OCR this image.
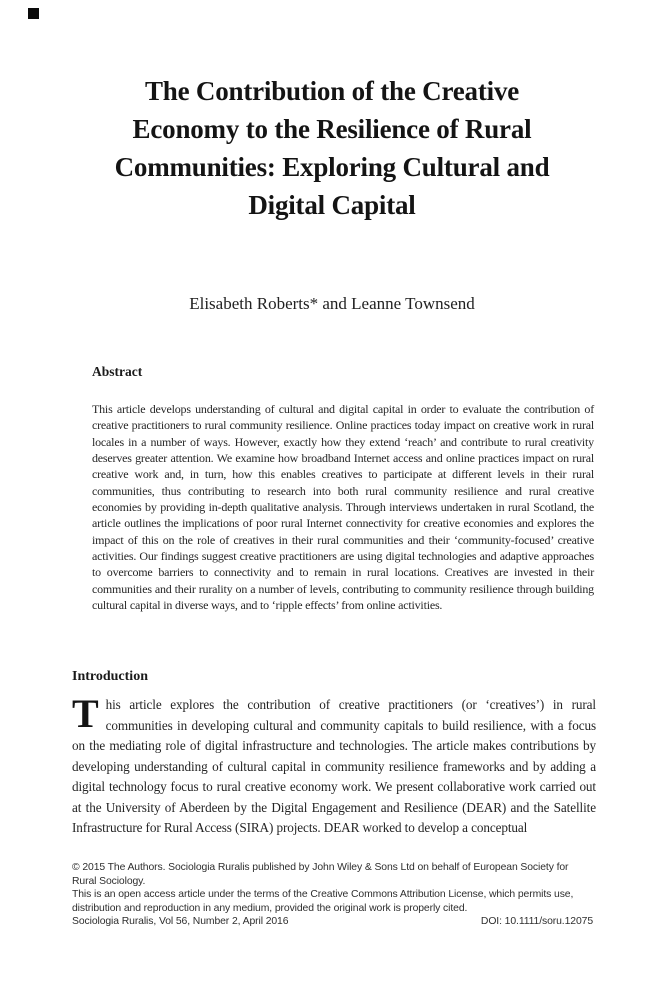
The Contribution of the Creative
Economy to the Resilience of Rural
Communities: Exploring Cultural and
Digital Capital
Elisabeth Roberts* and Leanne Townsend
Abstract
This article develops understanding of cultural and digital capital in order to evaluate the contribution of creative practitioners to rural community resilience. Online practices today impact on creative work in rural locales in a number of ways. However, exactly how they extend ‘reach’ and contribute to rural creativity deserves greater attention. We examine how broadband Internet access and online practices impact on rural creative work and, in turn, how this enables creatives to participate at different levels in their rural communities, thus contributing to research into both rural community resilience and rural creative economies by providing in-depth qualitative analysis. Through interviews undertaken in rural Scotland, the article outlines the implications of poor rural Internet connectivity for creative economies and explores the impact of this on the role of creatives in their rural communities and their ‘community-focused’ creative activities. Our findings suggest creative practitioners are using digital technologies and adaptive approaches to overcome barriers to connectivity and to remain in rural locations. Creatives are invested in their communities and their rurality on a number of levels, contributing to community resilience through building cultural capital in diverse ways, and to ‘ripple effects’ from online activities.
Introduction
This article explores the contribution of creative practitioners (or ‘creatives’) in rural communities in developing cultural and community capitals to build resilience, with a focus on the mediating role of digital infrastructure and technologies. The article makes contributions by developing understanding of cultural capital in community resilience frameworks and by adding a digital technology focus to rural creative economy work. We present collaborative work carried out at the University of Aberdeen by the Digital Engagement and Resilience (DEAR) and the Satellite Infrastructure for Rural Access (SIRA) projects. DEAR worked to develop a conceptual
© 2015 The Authors. Sociologia Ruralis published by John Wiley & Sons Ltd on behalf of European Society for
Rural Sociology.
This is an open access article under the terms of the Creative Commons Attribution License, which permits use,
distribution and reproduction in any medium, provided the original work is properly cited.
Sociologia Ruralis, Vol 56, Number 2, April 2016	DOI: 10.1111/soru.12075
